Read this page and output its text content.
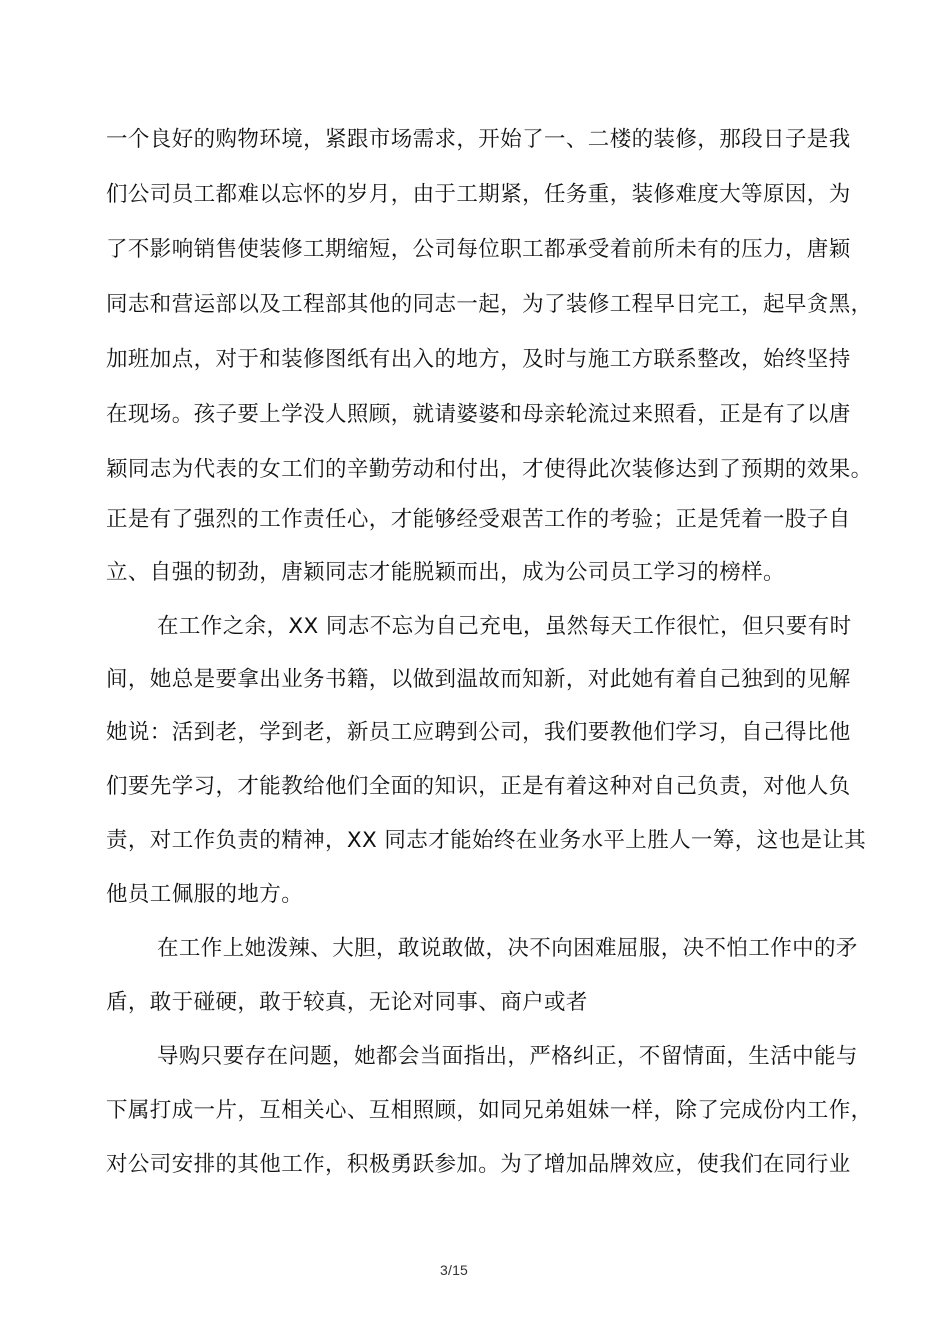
一个良好的购物环境，紧跟市场需求，开始了一、二楼的装修，那段日子是我
们公司员工都难以忘怀的岁月，由于工期紧，任务重，装修难度大等原因，为
了不影响销售使装修工期缩短，公司每位职工都承受着前所未有的压力，唐颖
同志和营运部以及工程部其他的同志一起，为了装修工程早日完工，起早贪黑，
加班加点，对于和装修图纸有出入的地方，及时与施工方联系整改，始终坚持
在现场。孩子要上学没人照顾，就请婆婆和母亲轮流过来照看，正是有了以唐
颖同志为代表的女工们的辛勤劳动和付出，才使得此次装修达到了预期的效果。
正是有了强烈的工作责任心，才能够经受艰苦工作的考验；正是凭着一股子自
立、自强的韧劲，唐颖同志才能脱颖而出，成为公司员工学习的榜样。
在工作之余，XX 同志不忘为自己充电，虽然每天工作很忙，但只要有时
间，她总是要拿出业务书籍，以做到温故而知新，对此她有着自己独到的见解
她说：活到老，学到老，新员工应聘到公司，我们要教他们学习，自己得比他
们要先学习，才能教给他们全面的知识，正是有着这种对自己负责，对他人负
责，对工作负责的精神，XX 同志才能始终在业务水平上胜人一筹，这也是让其
他员工佩服的地方。
在工作上她泼辣、大胆，敢说敢做，决不向困难屈服，决不怕工作中的矛
盾，敢于碰硬，敢于较真，无论对同事、商户或者
导购只要存在问题，她都会当面指出，严格纠正，不留情面，生活中能与
下属打成一片，互相关心、互相照顾，如同兄弟姐妹一样，除了完成份内工作，
对公司安排的其他工作，积极勇跃参加。为了增加品牌效应，使我们在同行业
3/15
